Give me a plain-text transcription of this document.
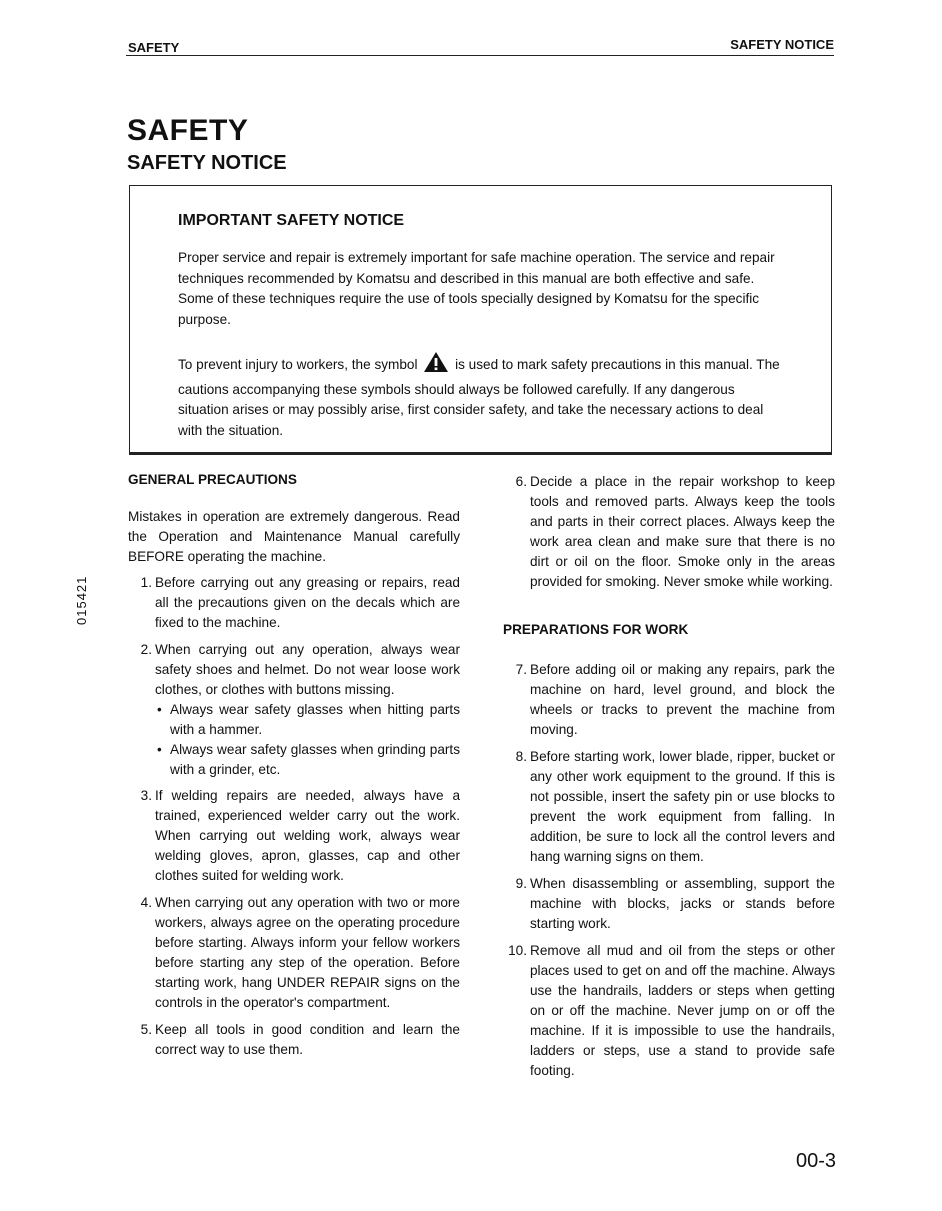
SAFETY	SAFETY NOTICE
SAFETY
SAFETY NOTICE
IMPORTANT SAFETY NOTICE

Proper service and repair is extremely important for safe machine operation. The service and repair techniques recommended by Komatsu and described in this manual are both effective and safe. Some of these techniques require the use of tools specially designed by Komatsu for the specific purpose.

To prevent injury to workers, the symbol	is used to mark safety precautions in this manual. The cautions accompanying these symbols should always be followed carefully. If any dangerous situation arises or may possibly arise, first consider safety, and take the necessary actions to deal with the situation.

015421

GENERAL PRECAUTIONS

Mistakes in operation are extremely dangerous. Read the Operation and Maintenance Manual carefully BEFORE operating the machine.

1. Before carrying out any greasing or repairs, read all the precautions given on the decals which are fixed to the machine.
2. When carrying out any operation, always wear safety shoes and helmet. Do not wear loose work clothes, or clothes with buttons missing.
• Always wear safety glasses when hitting parts with a hammer.
• Always wear safety glasses when grinding parts with a grinder, etc.
3. If welding repairs are needed, always have a trained, experienced welder carry out the work. When carrying out welding work, always wear welding gloves, apron, glasses, cap and other clothes suited for welding work.
4. When carrying out any operation with two or more workers, always agree on the operating procedure before starting. Always inform your fellow workers before starting any step of the operation. Before starting work, hang UNDER REPAIR signs on the controls in the operator's compartment.
5. Keep all tools in good condition and learn the correct way to use them.
6. Decide a place in the repair workshop to keep tools and removed parts. Always keep the tools and parts in their correct places. Always keep the work area clean and make sure that there is no dirt or oil on the floor. Smoke only in the areas provided for smoking. Never smoke while working.

PREPARATIONS FOR WORK

7. Before adding oil or making any repairs, park the machine on hard, level ground, and block the wheels or tracks to prevent the machine from moving.
8. Before starting work, lower blade, ripper, bucket or any other work equipment to the ground. If this is not possible, insert the safety pin or use blocks to prevent the work equipment from falling. In addition, be sure to lock all the control levers and hang warning signs on them.
9. When disassembling or assembling, support the machine with blocks, jacks or stands before starting work.
10. Remove all mud and oil from the steps or other places used to get on and off the machine. Always use the handrails, ladders or steps when getting on or off the machine. Never jump on or off the machine. If it is impossible to use the handrails, ladders or steps, use a stand to provide safe footing.
00-3
